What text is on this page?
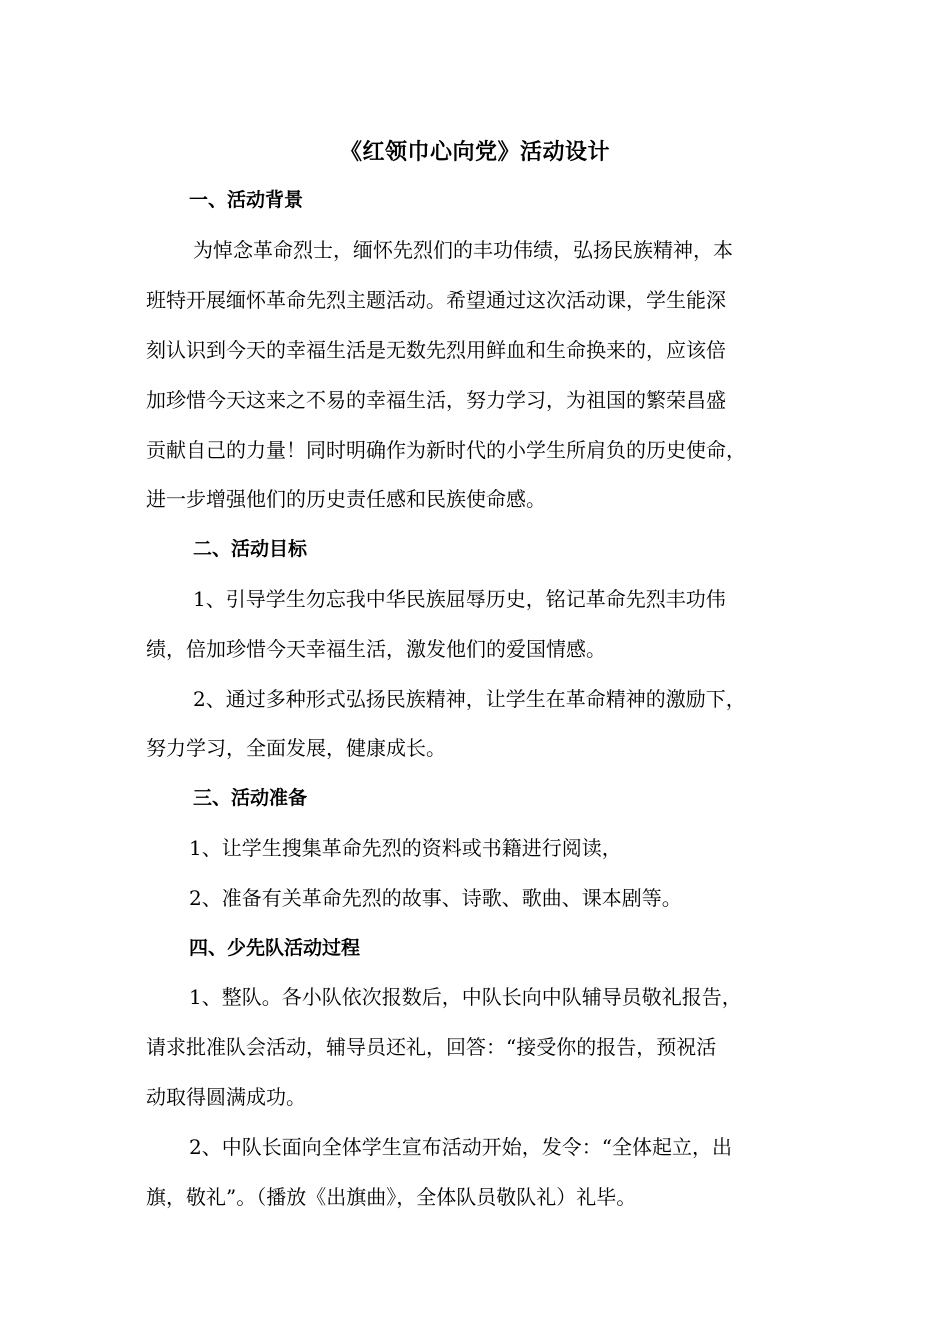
《红领巾心向党》活动设计
一、活动背景
为悼念革命烈士，缅怀先烈们的丰功伟绩，弘扬民族精神，本
班特开展缅怀革命先烈主题活动。希望通过这次活动课，学生能深
刻认识到今天的幸福生活是无数先烈用鲜血和生命换来的，应该倍
加珍惜今天这来之不易的幸福生活，努力学习，为祖国的繁荣昌盛
贡献自己的力量！同时明确作为新时代的小学生所肩负的历史使命，
进一步增强他们的历史责任感和民族使命感。
二、活动目标
1、引导学生勿忘我中华民族屈辱历史，铭记革命先烈丰功伟
绩，倍加珍惜今天幸福生活，激发他们的爱国情感。
2、通过多种形式弘扬民族精神，让学生在革命精神的激励下，
努力学习，全面发展，健康成长。
三、活动准备
1、让学生搜集革命先烈的资料或书籍进行阅读，
2、准备有关革命先烈的故事、诗歌、歌曲、课本剧等。
四、少先队活动过程
1、整队。各小队依次报数后，中队长向中队辅导员敬礼报告，
请求批准队会活动，辅导员还礼，回答：“接受你的报告，预祝活
动取得圆满成功。
2、中队长面向全体学生宣布活动开始，发令：“全体起立，出
旗，敬礼”。（播放《出旗曲》，全体队员敬队礼）礼毕。
